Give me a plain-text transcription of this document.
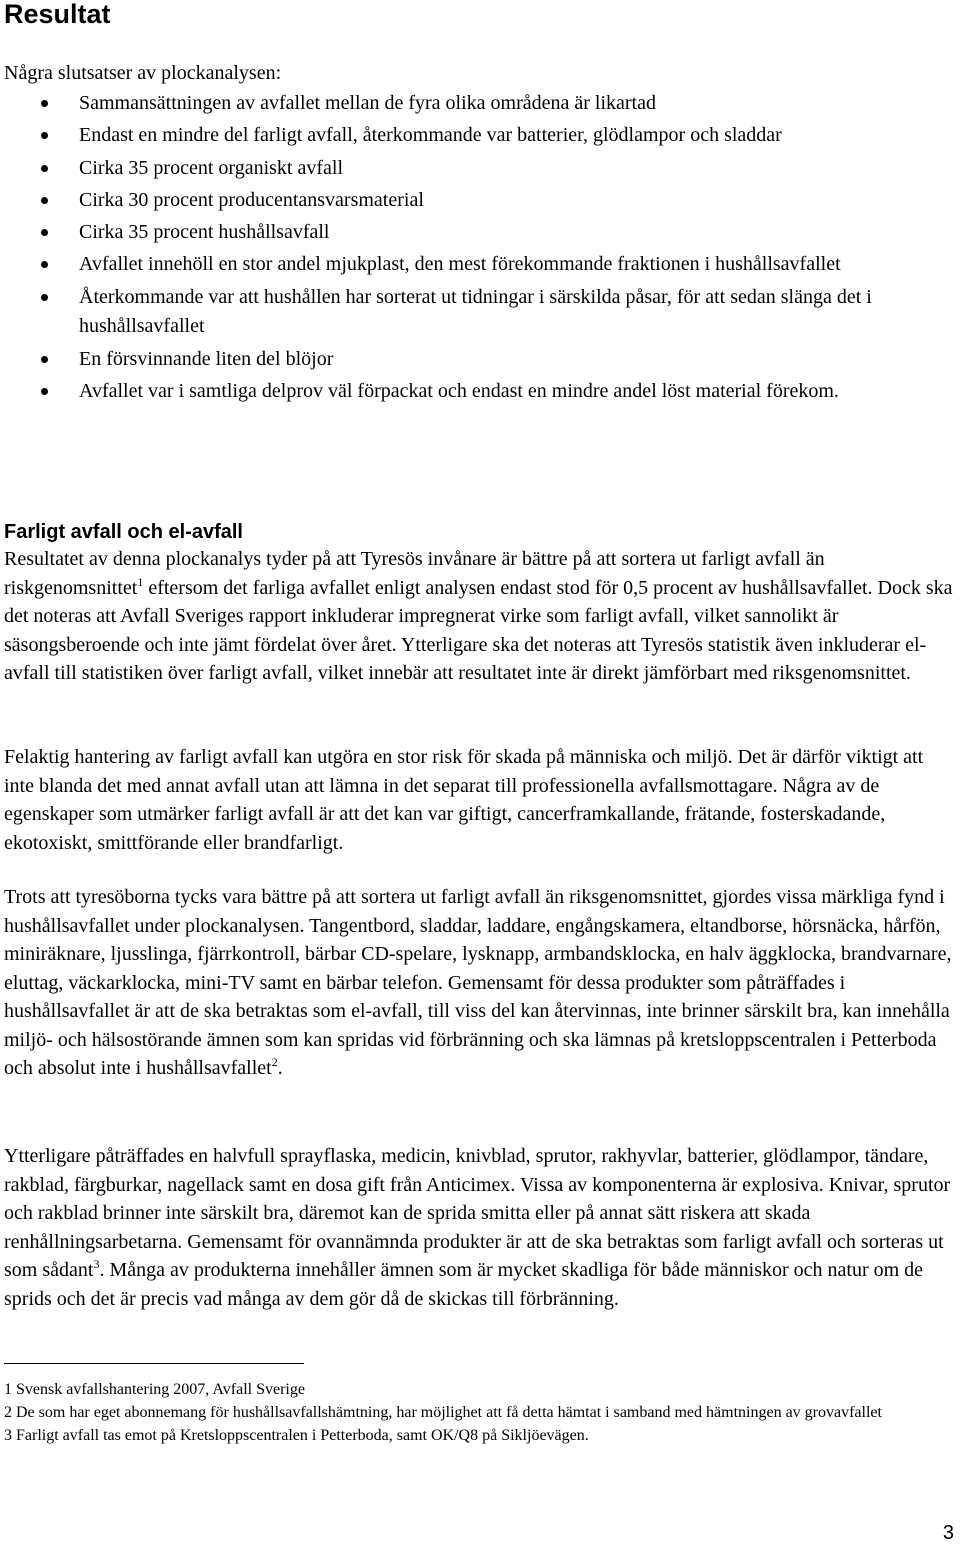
Resultat

Några slutsatser av plockanalysen:

Sammansättningen av avfallet mellan de fyra olika områdena är likartad
Endast en mindre del farligt avfall, återkommande var batterier, glödlampor och sladdar
Cirka 35 procent organiskt avfall
Cirka 30 procent producentansvarsmaterial
Cirka 35 procent hushållsavfall
Avfallet innehöll en stor andel mjukplast, den mest förekommande fraktionen i hushållsavfallet
Återkommande var att hushållen har sorterat ut tidningar i särskilda påsar, för att sedan slänga det i hushållsavfallet
En försvinnande liten del blöjor
Avfallet var i samtliga delprov väl förpackat och endast en mindre andel löst material förekom.
Farligt avfall och el-avfall

Resultatet av denna plockanalys tyder på att Tyresös invånare är bättre på att sortera ut farligt avfall än riskgenomsnittet$^1$ eftersom det farliga avfallet enligt analysen endast stod för 0,5 procent av hushållsavfallet. Dock ska det noteras att Avfall Sveriges rapport inkluderar impregnerat virke som farligt avfall, vilket sannolikt är säsongsberoende och inte jämt fördelat över året. Ytterligare ska det noteras att Tyresös statistik även inkluderar el-avfall till statistiken över farligt avfall, vilket innebär att resultatet inte är direkt jämförbart med riksgenomsnittet.

Felaktig hantering av farligt avfall kan utgöra en stor risk för skada på människa och miljö. Det är därför viktigt att inte blanda det med annat avfall utan att lämna in det separat till professionella avfallsmottagare. Några av de egenskaper som utmärker farligt avfall är att det kan var giftigt, cancerframkallande, frätande, fosterskadande, ekotoxiskt, smittförande eller brandfarligt.

Trots att tyresöborna tycks vara bättre på att sortera ut farligt avfall än riksgenomsnittet, gjordes vissa märkliga fynd i hushållsavfallet under plockanalysen. Tangentbord, sladdar, laddare, engångskamera, eltandborse, hörsnäcka, hårfön, miniräknare, ljusslinga, fjärrkontroll, bärbar CD-spelare, lysknapp, armbandsklocka, en halv äggklocka, brandvarnare, eluttag, väckarklocka, mini-TV samt en bärbar telefon. Gemensamt för dessa produkter som påträffades i hushållsavfallet är att de ska betraktas som el-avfall, till viss del kan återvinnas, inte brinner särskilt bra, kan innehålla miljö- och hälsostörande ämnen som kan spridas vid förbränning och ska lämnas på kretsloppscentralen i Petterboda och absolut inte i hushållsavfallet$^2$.

Ytterligare påträffades en halvfull sprayflaska, medicin, knivblad, sprutor, rakhyvlar, batterier, glödlampor, tändare, rakblad, färgburkar, nagellack samt en dosa gift från Anticimex. Vissa av komponenterna är explosiva. Knivar, sprutor och rakblad brinner inte särskilt bra, däremot kan de sprida smitta eller på annat sätt riskera att skada renhållningsarbetarna. Gemensamt för ovannämnda produkter är att de ska betraktas som farligt avfall och sorteras ut som sådant$^3$. Många av produkterna innehåller ämnen som är mycket skadliga för både människor och natur om de sprids och det är precis vad många av dem gör då de skickas till förbränning.

1 Svensk avfallshantering 2007, Avfall Sverige
2 De som har eget abonnemang för hushållsavfallshämtning, har möjlighet att få detta hämtat i samband med hämtningen av grovavfallet
3 Farligt avfall tas emot på Kretsloppscentralen i Petterboda, samt OK/Q8 på Sikljöevägen.
3
